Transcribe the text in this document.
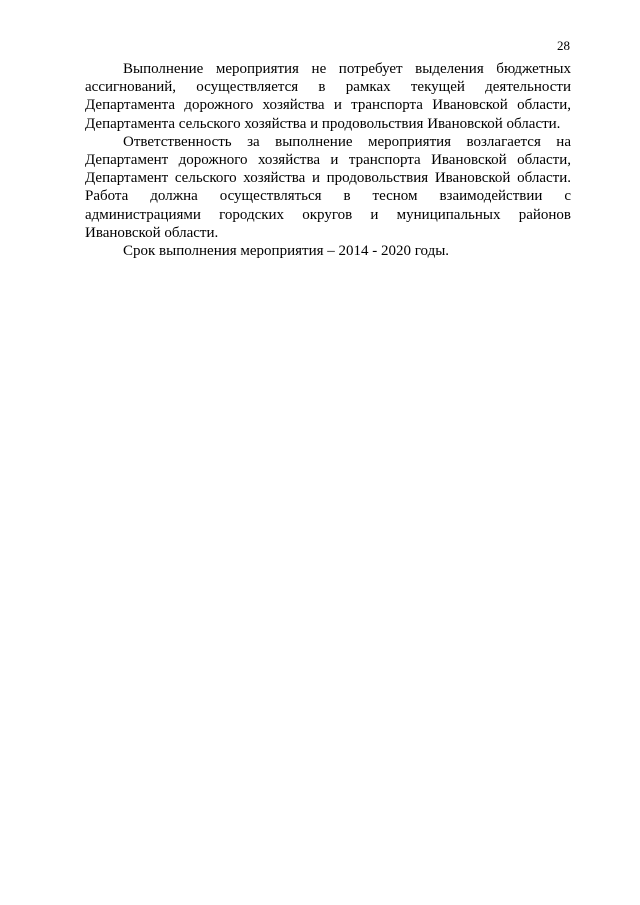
28

Выполнение мероприятия не потребует выделения бюджетных ассигнований, осуществляется в рамках текущей деятельности Департамента дорожного хозяйства и транспорта Ивановской области, Департамента сельского хозяйства и продовольствия Ивановской области.

Ответственность за выполнение мероприятия возлагается на Департамент дорожного хозяйства и транспорта Ивановской области, Департамент сельского хозяйства и продовольствия Ивановской области. Работа должна осуществляться в тесном взаимодействии с администрациями городских округов и муниципальных районов Ивановской области.

Срок выполнения мероприятия – 2014 - 2020 годы.
